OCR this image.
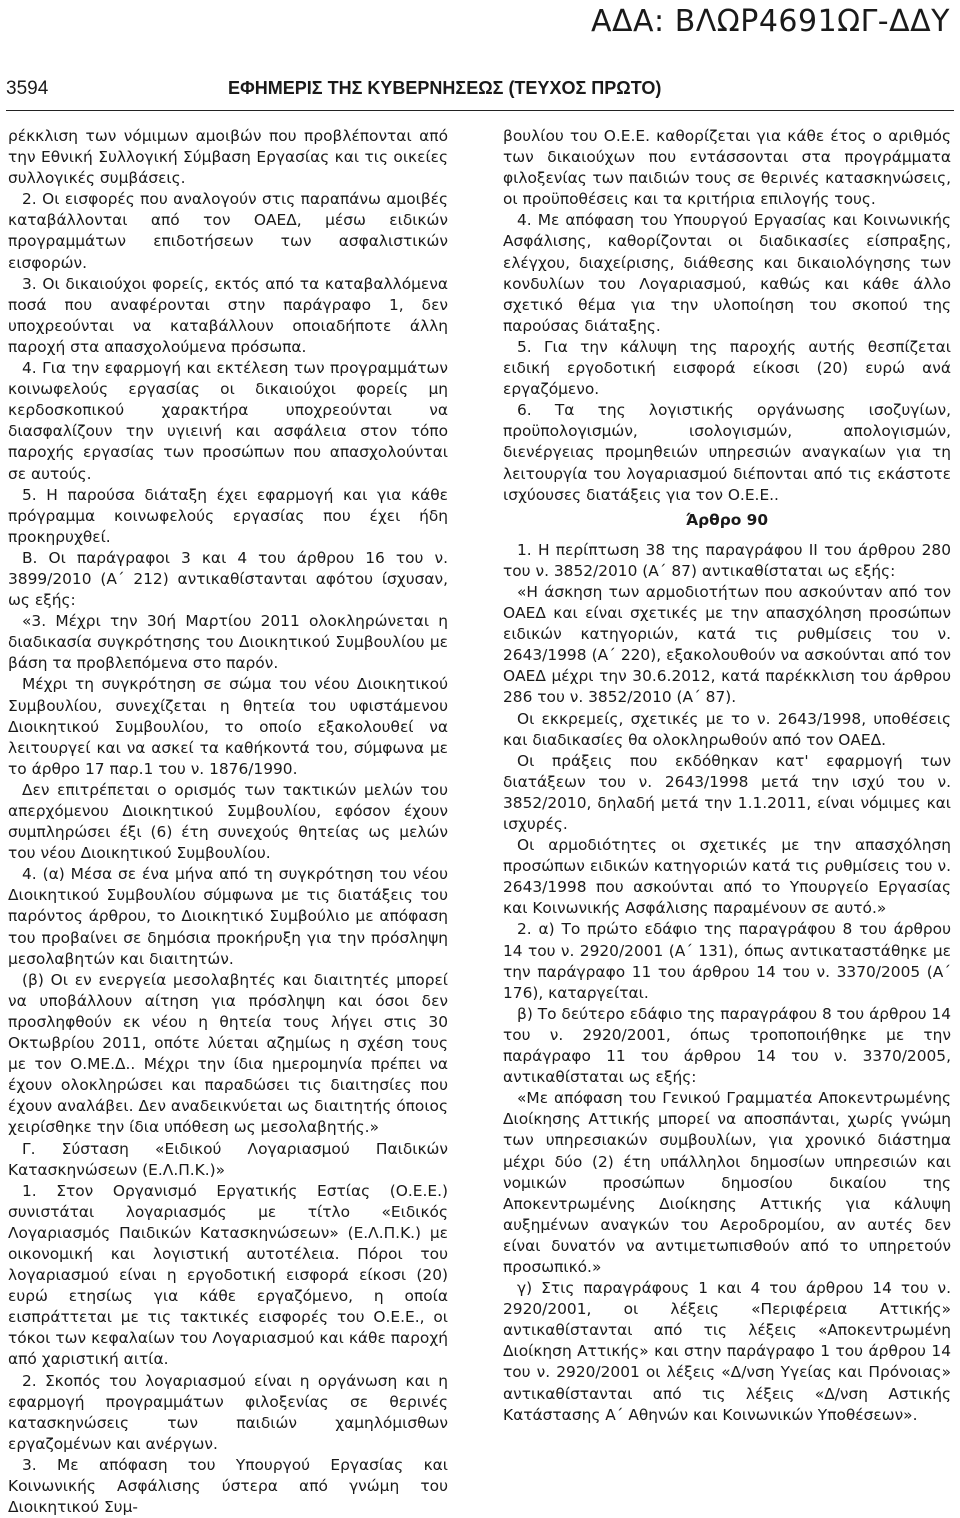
ΑΔΑ: ΒΛΩΡ4691ΩΓ-ΔΔΥ
3594	ΕΦΗΜΕΡΙΣ ΤΗΣ ΚΥΒΕΡΝΗΣΕΩΣ (ΤΕΥΧΟΣ ΠΡΩΤΟ)

ρέκκλιση των νόμιμων αμοιβών που προβλέπονται από την Εθνική Συλλογική Σύμβαση Εργασίας και τις οικείες συλλογικές συμβάσεις.

2. Οι εισφορές που αναλογούν στις παραπάνω αμοιβές καταβάλλονται από τον ΟΑΕΔ, μέσω ειδικών προγραμμάτων επιδοτήσεων των ασφαλιστικών εισφορών.

3. Οι δικαιούχοι φορείς, εκτός από τα καταβαλλόμενα ποσά που αναφέρονται στην παράγραφο 1, δεν υποχρεούνται να καταβάλλουν οποιαδήποτε άλλη παροχή στα απασχολούμενα πρόσωπα.

4. Για την εφαρμογή και εκτέλεση των προγραμμάτων κοινωφελούς εργασίας οι δικαιούχοι φορείς μη κερδοσκοπικού χαρακτήρα υποχρεούνται να διασφαλίζουν την υγιεινή και ασφάλεια στον τόπο παροχής εργασίας των προσώπων που απασχολούνται σε αυτούς.

5. Η παρούσα διάταξη έχει εφαρμογή και για κάθε πρόγραμμα κοινωφελούς εργασίας που έχει ήδη προκηρυχθεί.

Β. Οι παράγραφοι 3 και 4 του άρθρου 16 του ν. 3899/2010 (Α΄ 212) αντικαθίστανται αφότου ίσχυσαν, ως εξής:

«3. Μέχρι την 30ή Μαρτίου 2011 ολοκληρώνεται η διαδικασία συγκρότησης του Διοικητικού Συμβουλίου με βάση τα προβλεπόμενα στο παρόν.

Μέχρι τη συγκρότηση σε σώμα του νέου Διοικητικού Συμβουλίου, συνεχίζεται η θητεία του υφιστάμενου Διοικητικού Συμβουλίου, το οποίο εξακολουθεί να λειτουργεί και να ασκεί τα καθήκοντά του, σύμφωνα με το άρθρο 17 παρ.1 του ν. 1876/1990.

Δεν επιτρέπεται ο ορισμός των τακτικών μελών του απερχόμενου Διοικητικού Συμβουλίου, εφόσον έχουν συμπληρώσει έξι (6) έτη συνεχούς θητείας ως μελών του νέου Διοικητικού Συμβουλίου.

4. (α) Μέσα σε ένα μήνα από τη συγκρότηση του νέου Διοικητικού Συμβουλίου σύμφωνα με τις διατάξεις του παρόντος άρθρου, το Διοικητικό Συμβούλιο με απόφαση του προβαίνει σε δημόσια προκήρυξη για την πρόσληψη μεσολαβητών και διαιτητών.

(β) Οι εν ενεργεία μεσολαβητές και διαιτητές μπορεί να υποβάλλουν αίτηση για πρόσληψη και όσοι δεν προσληφθούν εκ νέου η θητεία τους λήγει στις 30 Οκτωβρίου 2011, οπότε λύεται αζημίως η σχέση τους με τον Ο.ΜΕ.Δ.. Μέχρι την ίδια ημερομηνία πρέπει να έχουν ολοκληρώσει και παραδώσει τις διαιτησίες που έχουν αναλάβει. Δεν αναδεικνύεται ως διαιτητής όποιος χειρίσθηκε την ίδια υπόθεση ως μεσολαβητής.»

Γ. Σύσταση «Ειδικού Λογαριασμού Παιδικών Κατασκηνώσεων (Ε.Λ.Π.Κ.)»

1. Στον Οργανισμό Εργατικής Εστίας (Ο.Ε.Ε.) συνιστάται λογαριασμός με τίτλο «Ειδικός Λογαριασμός Παιδικών Κατασκηνώσεων» (Ε.Λ.Π.Κ.) με οικονομική και λογιστική αυτοτέλεια. Πόροι του λογαριασμού είναι η εργοδοτική εισφορά είκοσι (20) ευρώ ετησίως για κάθε εργαζόμενο, η οποία εισπράττεται με τις τακτικές εισφορές του Ο.Ε.Ε., οι τόκοι των κεφαλαίων του Λογαριασμού και κάθε παροχή από χαριστική αιτία.

2. Σκοπός του λογαριασμού είναι η οργάνωση και η εφαρμογή προγραμμάτων φιλοξενίας σε θερινές κατασκηνώσεις των παιδιών χαμηλόμισθων εργαζομένων και ανέργων.

3. Με απόφαση του Υπουργού Εργασίας και Κοινωνικής Ασφάλισης ύστερα από γνώμη του Διοικητικού Συμ-

βουλίου του Ο.Ε.Ε. καθορίζεται για κάθε έτος ο αριθμός των δικαιούχων που εντάσσονται στα προγράμματα φιλοξενίας των παιδιών τους σε θερινές κατασκηνώσεις, οι προϋποθέσεις και τα κριτήρια επιλογής τους.

4. Με απόφαση του Υπουργού Εργασίας και Κοινωνικής Ασφάλισης, καθορίζονται οι διαδικασίες είσπραξης, ελέγχου, διαχείρισης, διάθεσης και δικαιολόγησης των κονδυλίων του Λογαριασμού, καθώς και κάθε άλλο σχετικό θέμα για την υλοποίηση του σκοπού της παρούσας διάταξης.

5. Για την κάλυψη της παροχής αυτής θεσπίζεται ειδική εργοδοτική εισφορά είκοσι (20) ευρώ ανά εργαζόμενο.

6. Τα της λογιστικής οργάνωσης ισοζυγίων, προϋπολογισμών, ισολογισμών, απολογισμών, διενέργειας προμηθειών υπηρεσιών αναγκαίων για τη λειτουργία του λογαριασμού διέπονται από τις εκάστοτε ισχύουσες διατάξεις για τον Ο.Ε.Ε..

Άρθρο 90

1. Η περίπτωση 38 της παραγράφου ΙΙ του άρθρου 280 του ν. 3852/2010 (Α΄ 87) αντικαθίσταται ως εξής:

«Η άσκηση των αρμοδιοτήτων που ασκούνταν από τον ΟΑΕΔ και είναι σχετικές με την απασχόληση προσώπων ειδικών κατηγοριών, κατά τις ρυθμίσεις του ν. 2643/1998 (Α΄ 220), εξακολουθούν να ασκούνται από τον ΟΑΕΔ μέχρι την 30.6.2012, κατά παρέκκλιση του άρθρου 286 του ν. 3852/2010 (Α΄ 87).

Οι εκκρεμείς, σχετικές με το ν. 2643/1998, υποθέσεις και διαδικασίες θα ολοκληρωθούν από τον ΟΑΕΔ.

Οι πράξεις που εκδόθηκαν κατ' εφαρμογή των διατάξεων του ν. 2643/1998 μετά την ισχύ του ν. 3852/2010, δηλαδή μετά την 1.1.2011, είναι νόμιμες και ισχυρές.

Οι αρμοδιότητες οι σχετικές με την απασχόληση προσώπων ειδικών κατηγοριών κατά τις ρυθμίσεις του ν. 2643/1998 που ασκούνται από το Υπουργείο Εργασίας και Κοινωνικής Ασφάλισης παραμένουν σε αυτό.»

2. α) Το πρώτο εδάφιο της παραγράφου 8 του άρθρου 14 του ν. 2920/2001 (Α΄ 131), όπως αντικαταστάθηκε με την παράγραφο 11 του άρθρου 14 του ν. 3370/2005 (Α΄ 176), καταργείται.

β) Το δεύτερο εδάφιο της παραγράφου 8 του άρθρου 14 του ν. 2920/2001, όπως τροποποιήθηκε με την παράγραφο 11 του άρθρου 14 του ν. 3370/2005, αντικαθίσταται ως εξής:

«Με απόφαση του Γενικού Γραμματέα Αποκεντρωμένης Διοίκησης Αττικής μπορεί να αποσπάνται, χωρίς γνώμη των υπηρεσιακών συμβουλίων, για χρονικό διάστημα μέχρι δύο (2) έτη υπάλληλοι δημοσίων υπηρεσιών και νομικών προσώπων δημοσίου δικαίου της Αποκεντρωμένης Διοίκησης Αττικής για κάλυψη αυξημένων αναγκών του Αεροδρομίου, αν αυτές δεν είναι δυνατόν να αντιμετωπισθούν από το υπηρετούν προσωπικό.»

γ) Στις παραγράφους 1 και 4 του άρθρου 14 του ν. 2920/2001, οι λέξεις «Περιφέρεια Αττικής» αντικαθίστανται από τις λέξεις «Αποκεντρωμένη Διοίκηση Αττικής» και στην παράγραφο 1 του άρθρου 14 του ν. 2920/2001 οι λέξεις «Δ/νση Υγείας και Πρόνοιας» αντικαθίστανται από τις λέξεις «Δ/νση Αστικής Κατάστασης Α΄ Αθηνών και Κοινωνικών Υποθέσεων».
